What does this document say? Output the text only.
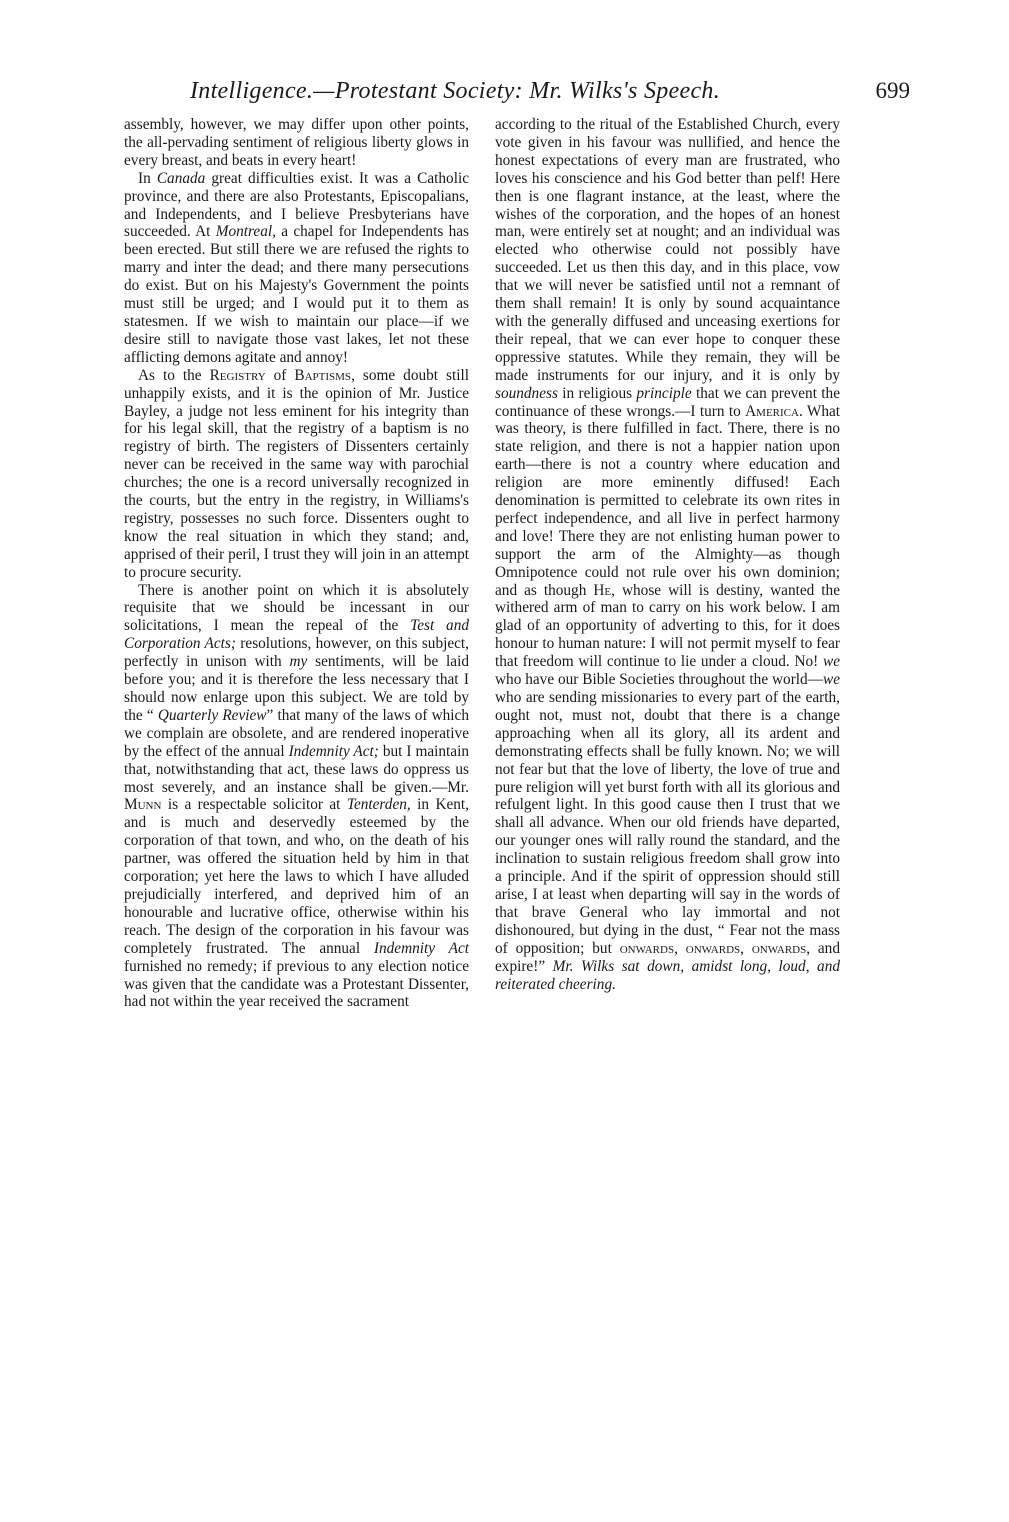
Intelligence.—Protestant Society: Mr. Wilks's Speech.	699

assembly, however, we may differ upon other points, the all-pervading sentiment of religious liberty glows in every breast, and beats in every heart!

In Canada great difficulties exist. It was a Catholic province, and there are also Protestants, Episcopalians, and Independents, and I believe Presbyterians have succeeded. At Montreal, a chapel for Independents has been erected. But still there we are refused the rights to marry and inter the dead; and there many persecutions do exist. But on his Majesty's Government the points must still be urged; and I would put it to them as statesmen. If we wish to maintain our place—if we desire still to navigate those vast lakes, let not these afflicting demons agitate and annoy!

As to the Registry of Baptisms, some doubt still unhappily exists, and it is the opinion of Mr. Justice Bayley, a judge not less eminent for his integrity than for his legal skill, that the registry of a baptism is no registry of birth. The registers of Dissenters certainly never can be received in the same way with parochial churches; the one is a record universally recognized in the courts, but the entry in the registry, in Williams's registry, possesses no such force. Dissenters ought to know the real situation in which they stand; and, apprised of their peril, I trust they will join in an attempt to procure security.

There is another point on which it is absolutely requisite that we should be incessant in our solicitations, I mean the repeal of the Test and Corporation Acts; resolutions, however, on this subject, perfectly in unison with my sentiments, will be laid before you; and it is therefore the less necessary that I should now enlarge upon this subject. We are told by the “ Quarterly Review” that many of the laws of which we complain are obsolete, and are rendered inoperative by the effect of the annual Indemnity Act; but I maintain that, notwithstanding that act, these laws do oppress us most severely, and an instance shall be given.—Mr. Munn is a respectable solicitor at Tenterden, in Kent, and is much and deservedly esteemed by the corporation of that town, and who, on the death of his partner, was offered the situation held by him in that corporation; yet here the laws to which I have alluded prejudicially interfered, and deprived him of an honourable and lucrative office, otherwise within his reach. The design of the corporation in his favour was completely frustrated. The annual Indemnity Act furnished no remedy; if previous to any election notice was given that the candidate was a Protestant Dissenter, had not within the year received the sacrament

according to the ritual of the Established Church, every vote given in his favour was nullified, and hence the honest expectations of every man are frustrated, who loves his conscience and his God better than pelf! Here then is one flagrant instance, at the least, where the wishes of the corporation, and the hopes of an honest man, were entirely set at nought; and an individual was elected who otherwise could not possibly have succeeded. Let us then this day, and in this place, vow that we will never be satisfied until not a remnant of them shall remain! It is only by sound acquaintance with the generally diffused and unceasing exertions for their repeal, that we can ever hope to conquer these oppressive statutes. While they remain, they will be made instruments for our injury, and it is only by soundness in religious principle that we can prevent the continuance of these wrongs.—I turn to America. What was theory, is there fulfilled in fact. There, there is no state religion, and there is not a happier nation upon earth—there is not a country where education and religion are more eminently diffused! Each denomination is permitted to celebrate its own rites in perfect independence, and all live in perfect harmony and love! There they are not enlisting human power to support the arm of the Almighty—as though Omnipotence could not rule over his own dominion; and as though He, whose will is destiny, wanted the withered arm of man to carry on his work below. I am glad of an opportunity of adverting to this, for it does honour to human nature: I will not permit myself to fear that freedom will continue to lie under a cloud. No! we who have our Bible Societies throughout the world—we who are sending missionaries to every part of the earth, ought not, must not, doubt that there is a change approaching when all its glory, all its ardent and demonstrating effects shall be fully known. No; we will not fear but that the love of liberty, the love of true and pure religion will yet burst forth with all its glorious and refulgent light. In this good cause then I trust that we shall all advance. When our old friends have departed, our younger ones will rally round the standard, and the inclination to sustain religious freedom shall grow into a principle. And if the spirit of oppression should still arise, I at least when departing will say in the words of that brave General who lay immortal and not dishonoured, but dying in the dust, “ Fear not the mass of opposition; but onwards, onwards, onwards, and expire!” Mr. Wilks sat down, amidst long, loud, and reiterated cheering.
